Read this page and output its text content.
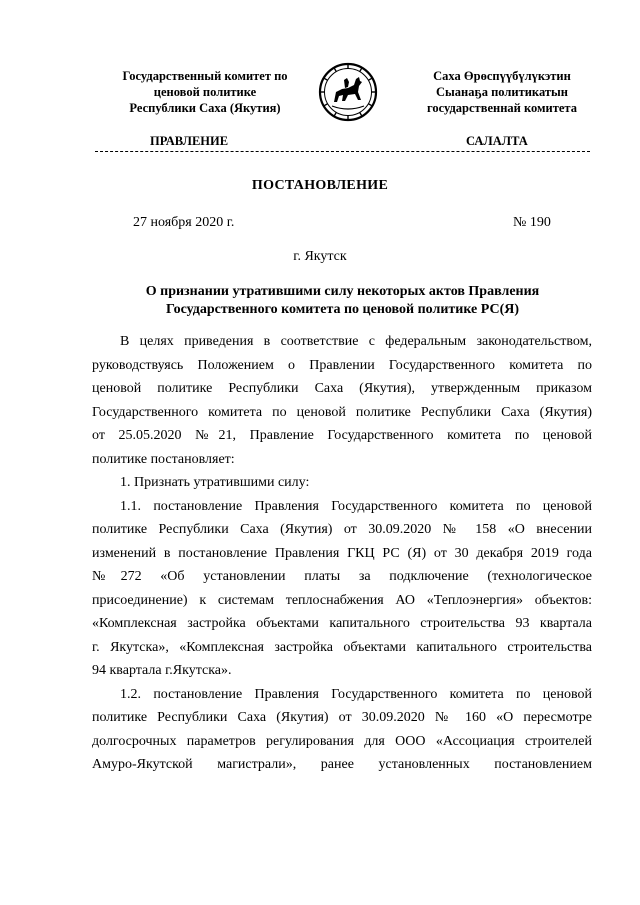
Государственный комитет по
ценовой политике
Республики Саха (Якутия)
Саха Өрөспүүбүлүкэтин
Сыанаҕа политикатын
государственнай комитета
ПРАВЛЕНИЕ	САЛАЛТА
ПОСТАНОВЛЕНИЕ
27 ноября 2020 г.	№ 190
г. Якутск
О признании утратившими силу некоторых актов Правления
Государственного комитета по ценовой политике РС(Я)
В целях приведения в соответствие с федеральным законодательством,
руководствуясь Положением о Правлении Государственного комитета по
ценовой политике Республики Саха (Якутия), утвержденным приказом
Государственного комитета по ценовой политике Республики Саха (Якутия)
от 25.05.2020 №21, Правление Государственного комитета по ценовой
политике постановляет:
1. Признать утратившими силу:
1.1. постановление Правления Государственного комитета по ценовой
политике Республики Саха (Якутия) от 30.09.2020 № 158 «О внесении
изменений в постановление Правления ГКЦ РС (Я) от 30 декабря 2019 года
№272 «Об установлении платы за подключение (технологическое
присоединение) к системам теплоснабжения АО «Теплоэнергия» объектов:
«Комплексная застройка объектами капитального строительства 93 квартала
г. Якутска», «Комплексная застройка объектами капитального строительства
94 квартала г.Якутска».
1.2. постановление Правления Государственного комитета по ценовой
политике Республики Саха (Якутия) от 30.09.2020 № 160 «О пересмотре
долгосрочных параметров регулирования для ООО «Ассоциация строителей
Амуро-Якутской магистрали», ранее установленных постановлением
